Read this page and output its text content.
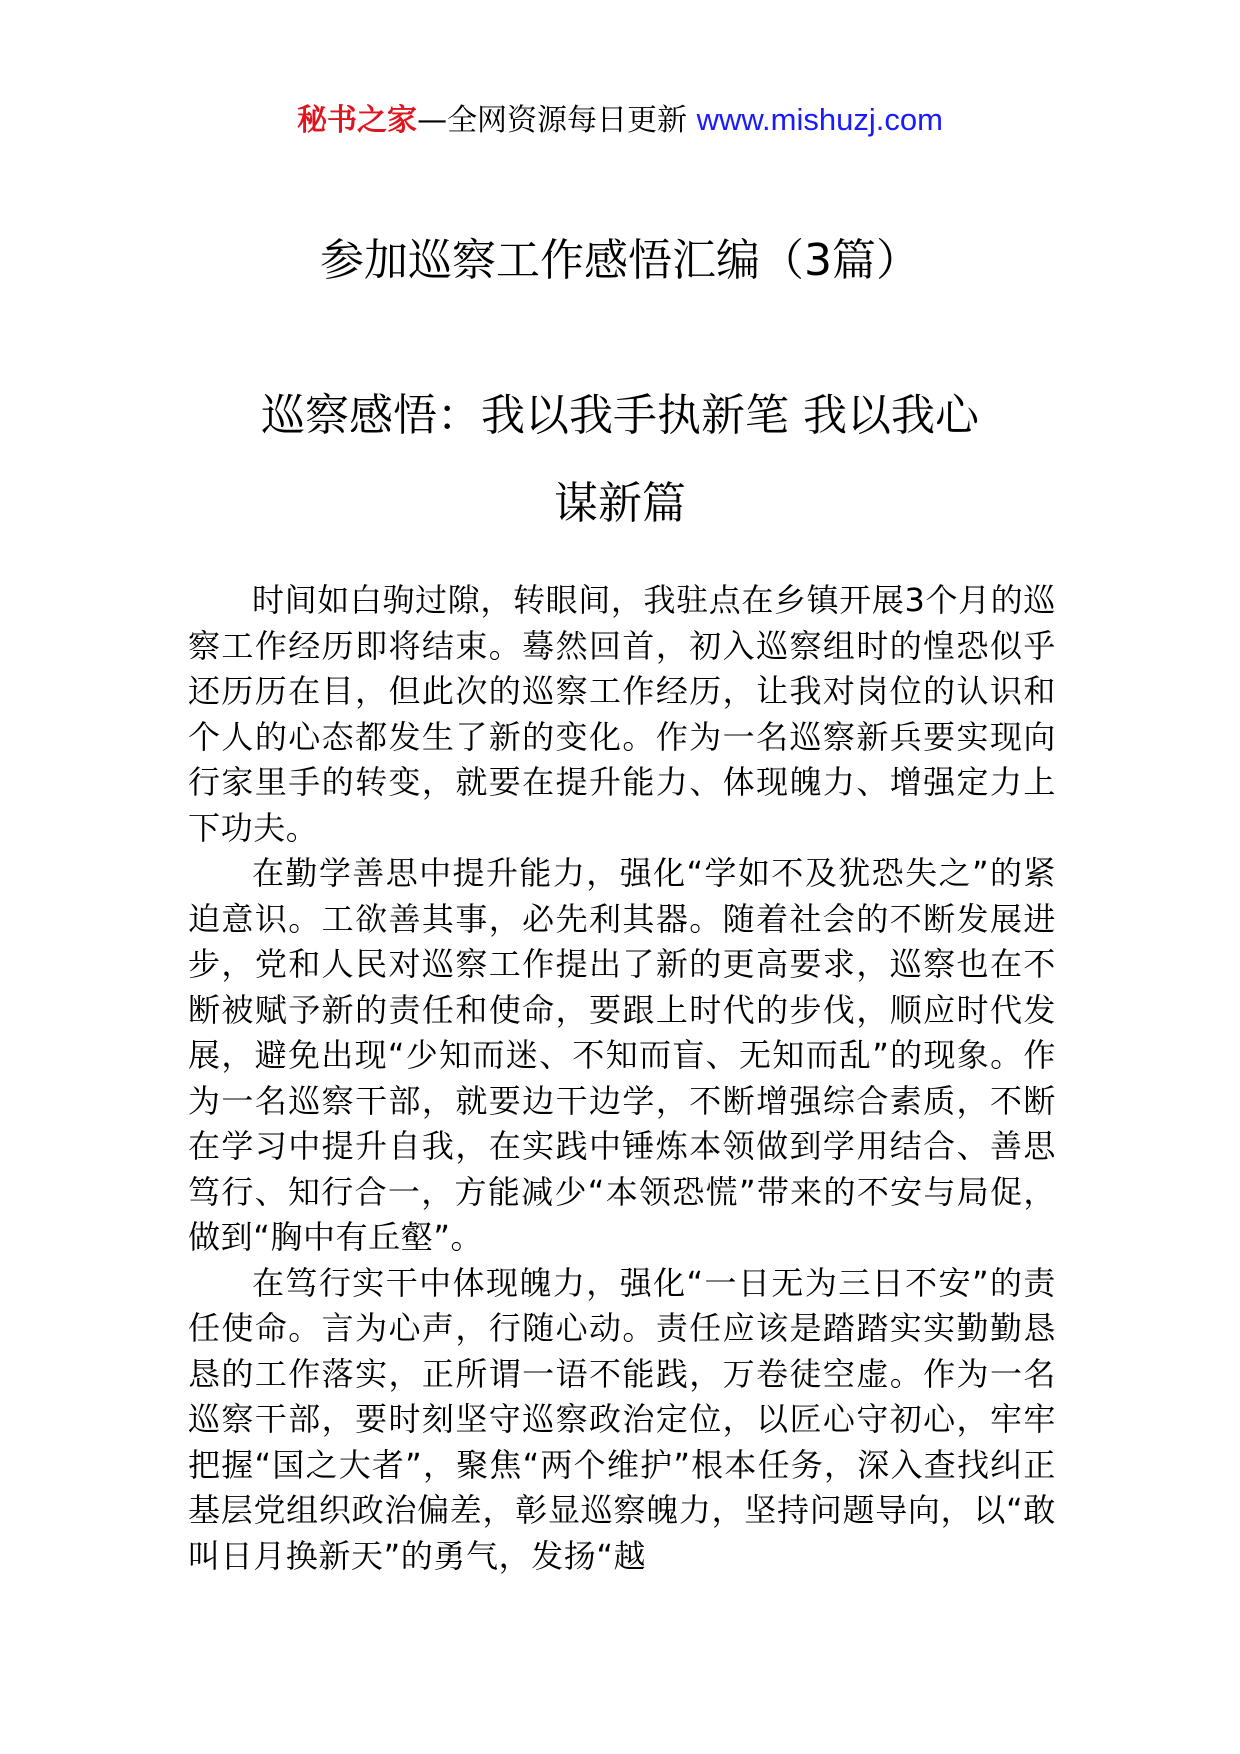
秘书之家—全网资源每日更新 www.mishuzj.com
参加巡察工作感悟汇编（3篇）
巡察感悟：我以我手执新笔 我以我心
谋新篇

时间如白驹过隙，转眼间，我驻点在乡镇开展3个月的巡察工作经历即将结束。蓦然回首，初入巡察组时的惶恐似乎还历历在目，但此次的巡察工作经历，让我对岗位的认识和个人的心态都发生了新的变化。作为一名巡察新兵要实现向行家里手的转变，就要在提升能力、体现魄力、增强定力上下功夫。

在勤学善思中提升能力，强化“学如不及犹恐失之”的紧迫意识。工欲善其事，必先利其器。随着社会的不断发展进步，党和人民对巡察工作提出了新的更高要求，巡察也在不断被赋予新的责任和使命，要跟上时代的步伐，顺应时代发展，避免出现“少知而迷、不知而盲、无知而乱”的现象。作为一名巡察干部，就要边干边学，不断增强综合素质，不断在学习中提升自我，在实践中锤炼本领做到学用结合、善思笃行、知行合一，方能减少“本领恐慌”带来的不安与局促，做到“胸中有丘壑”。

在笃行实干中体现魄力，强化“一日无为三日不安”的责任使命。言为心声，行随心动。责任应该是踏踏实实勤勤恳恳的工作落实，正所谓一语不能践，万卷徒空虚。作为一名巡察干部，要时刻坚守巡察政治定位，以匠心守初心，牢牢把握“国之大者”，聚焦“两个维护”根本任务，深入查找纠正基层党组织政治偏差，彰显巡察魄力，坚持问题导向，以“敢叫日月换新天”的勇气，发扬“越
